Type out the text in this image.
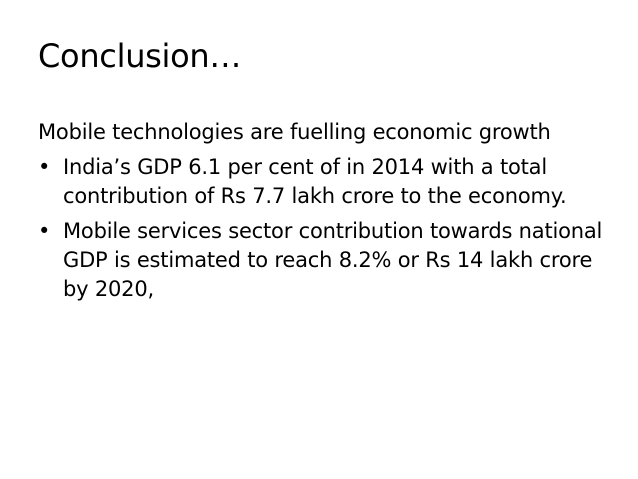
Conclusion…

Mobile technologies are fuelling economic growth

• India’s GDP 6.1 per cent of in 2014 with a total contribution of Rs 7.7 lakh crore to the economy.
• Mobile services sector contribution towards national GDP is estimated to reach 8.2% or Rs 14 lakh crore by 2020,
